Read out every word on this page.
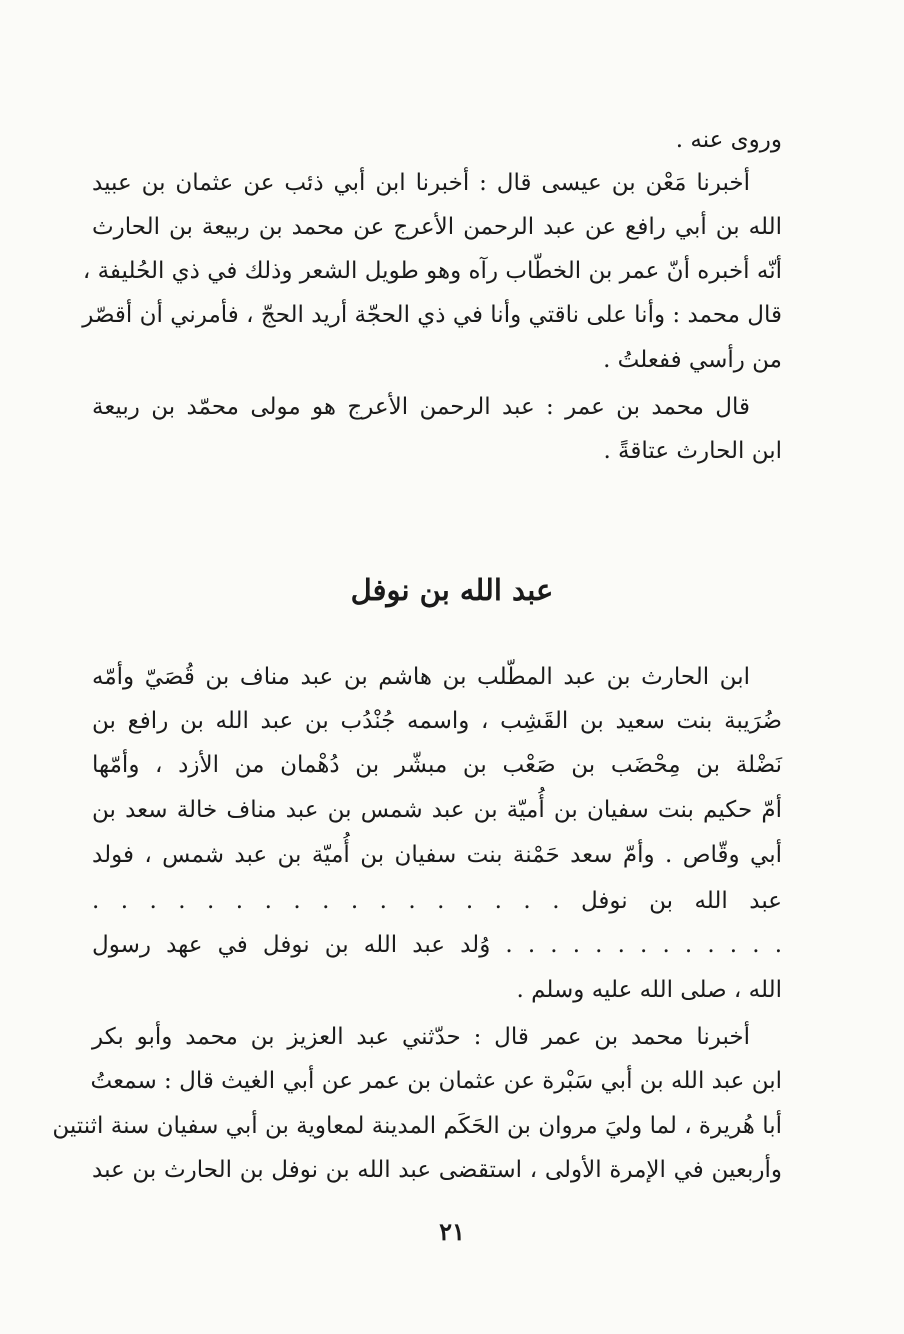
وروى عنه .
أخبرنا مَعْن بن عيسى قال : أخبرنا ابن أبي ذئب عن عثمان بن عبيد
الله بن أبي رافع عن عبد الرحمن الأعرج عن محمد بن ربيعة بن الحارث
أنّه أخبره أنّ عمر بن الخطّاب رآه وهو طويل الشعر وذلك في ذي الحُليفة ،
قال محمد : وأنا على ناقتي وأنا في ذي الحجّة أريد الحجّ ، فأمرني أن أقصّر
من رأسي ففعلتُ .
قال محمد بن عمر : عبد الرحمن الأعرج هو مولى محمّد بن ربيعة
ابن الحارث عتاقةً .
عبد الله بن نوفل
ابن الحارث بن عبد المطّلب بن هاشم بن عبد مناف بن قُصَيّ وأمّه
ضُرَيبة بنت سعيد بن القَشِب ، واسمه جُنْدُب بن عبد الله بن رافع بن
نَضْلة بن مِحْضَب بن صَعْب بن مبشّر بن دُهْمان من الأزد ، وأمّها
أمّ حكيم بنت سفيان بن أُميّة بن عبد شمس بن عبد مناف خالة سعد بن
أبي وقّاص . وأمّ سعد حَمْنة بنت سفيان بن أُميّة بن عبد شمس ، فولد
عبد الله بن نوفل . . . . . . . . . . . . . . . . .
. . . . . . . . . . . . . وُلد عبد الله بن نوفل في عهد رسول
الله ، صلى الله عليه وسلم .
أخبرنا محمد بن عمر قال : حدّثني عبد العزيز بن محمد وأبو بكر
ابن عبد الله بن أبي سَبْرة عن عثمان بن عمر عن أبي الغيث قال : سمعتُ
أبا هُريرة ، لما وليَ مروان بن الحَكَم المدينة لمعاوية بن أبي سفيان سنة اثنتين
وأربعين في الإمرة الأولى ، استقضى عبد الله بن نوفل بن الحارث بن عبد
٢١
